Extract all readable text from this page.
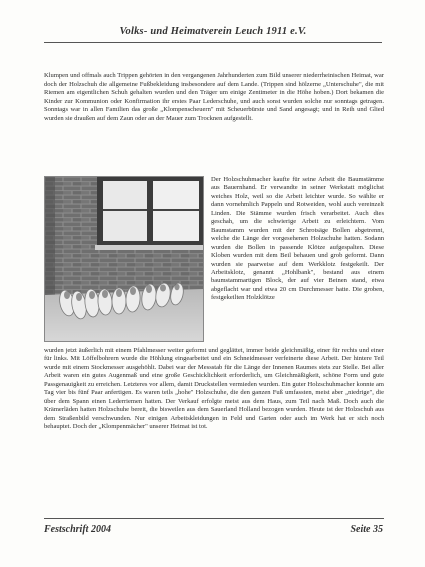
Volks- und Heimatverein Leuch 1911 e.V.

Klumpen und offmals auch Trippen gehörten in den vergangenen Jahrhunderten zum Bild unserer niederrheinischen Heimat, war doch der Holzschuh die allgemeine Fußbekleidung insbesondere auf dem Lande. (Trippen sind hölzerne „Unterschuhe", die mit Riemen am eigentlichen Schuh gehalten wurden und den Träger um einige Zentimeter in die Höhe hoben.) Dort bekamen die Kinder zur Kommunion oder Konfirmation ihr erstes Paar Lederschuhe, und auch sonst wurden solche nur sonntags getragen. Sonntags war in allen Familien das große „Klompenscheuern" mit Scheuerbürste und Sand angesagt; und in Reih und Glied wurden sie draußen auf dem Zaun oder an der Mauer zum Trocknen aufgestellt.

Der Holzschuhmacher kaufte für seine Arbeit die Baumstämme aus Bauernhand. Er verwandte in seiner Werkstatt möglichst weiches Holz, weil so die Arbeit leichter wurde. So wählte er dann vornehmlich Pappeln und Rotweiden, wohl auch vereinzelt Linden. Die Stämme wurden frisch verarbeitet. Auch dies geschah, um die schwierige Arbeit zu erleichtern. Vom Baumstamm wurden mit der Schrotsäge Bollen abgetrennt, welche die Länge der vorgesehenen Holzschuhe hatten. Sodann wurden die Bollen in passende Klötze aufgespalten. Diese Kloben wurden mit dem Beil behauen und grob geformt. Dann wurden sie paarweise auf dem Werkklotz festgekeilt. Der Arbeitsklotz, genannt „Hohlbank", bestand aus einem baumstammartigen Block, der auf vier Beinen stand, etwa abgeflacht war und etwa 20 cm Durchmesser hatte. Die groben, festgekeilten Holzklötze

wurden jetzt äußerlich mit einem Pfahlmesser weiter geformt und geglättet, immer beide gleichmäßig, einer für rechts und einer für links. Mit Löffelbohrern wurde die Höhlung eingearbeitet und ein Schneidmesser verfeinerte diese Arbeit. Der hintere Teil wurde mit einem Stockmesser ausgehöhlt. Dabei war der Messstab für die Länge der Innenen Raumes stets zur Stelle. Bei aller Arbeit waren ein gutes Augenmaß und eine große Geschicklichkeit erforderlich, um Gleichmäßigkeit, schöne Form und gute Passgenauigkeit zu erreichen. Letzteres vor allem, damit Druckstellen vermieden wurden. Ein guter Holzschuhmacher konnte am Tag vier bis fünf Paar anfertigen. Es waren teils „hohe" Holzschuhe, die den ganzen Fuß umfassten, meist aber „niedrige", die über dem Spann einen Lederriemen hatten. Der Verkauf erfolgte meist aus dem Haus, zum Teil nach Maß. Doch auch die Krämerläden hatten Holzschuhe bereit, die bisweilen aus dem Sauerland Holland bezogen wurden. Heute ist der Holzschuh aus dem Straßenbild verschwunden. Nur einigen Arbeitskleidungen in Feld und Garten oder auch im Werk hat er sich noch behauptet. Doch der „Klompenmächer" unserer Heimat ist tot.

Festschrift 2004	Seite 35
